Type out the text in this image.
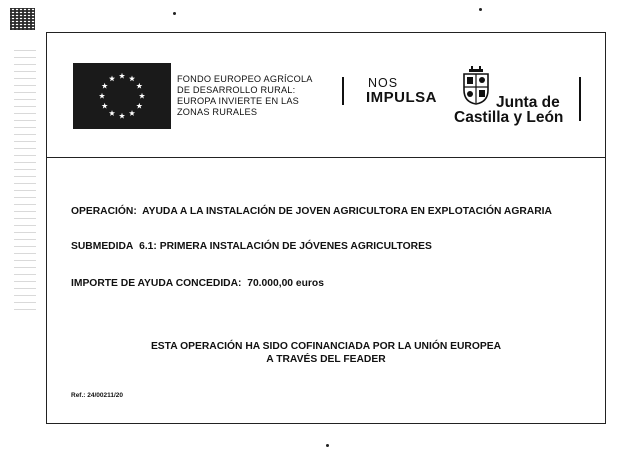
FONDO EUROPEO AGRÍCOLA
DE DESARROLLO RURAL:
EUROPA INVIERTE EN LAS
ZONAS RURALES
NOS
IMPULSA	Junta de
Castilla y León
OPERACIÓN: AYUDA A LA INSTALACIÓN DE JOVEN AGRICULTORA EN EXPLOTACIÓN AGRARIA
SUBMEDIDA 6.1: PRIMERA INSTALACIÓN DE JÓVENES AGRICULTORES
IMPORTE DE AYUDA CONCEDIDA: 70.000,00 euros
ESTA OPERACIÓN HA SIDO COFINANCIADA POR LA UNIÓN EUROPEA
A TRAVÉS DEL FEADER
Ref.: 24/00211/20
